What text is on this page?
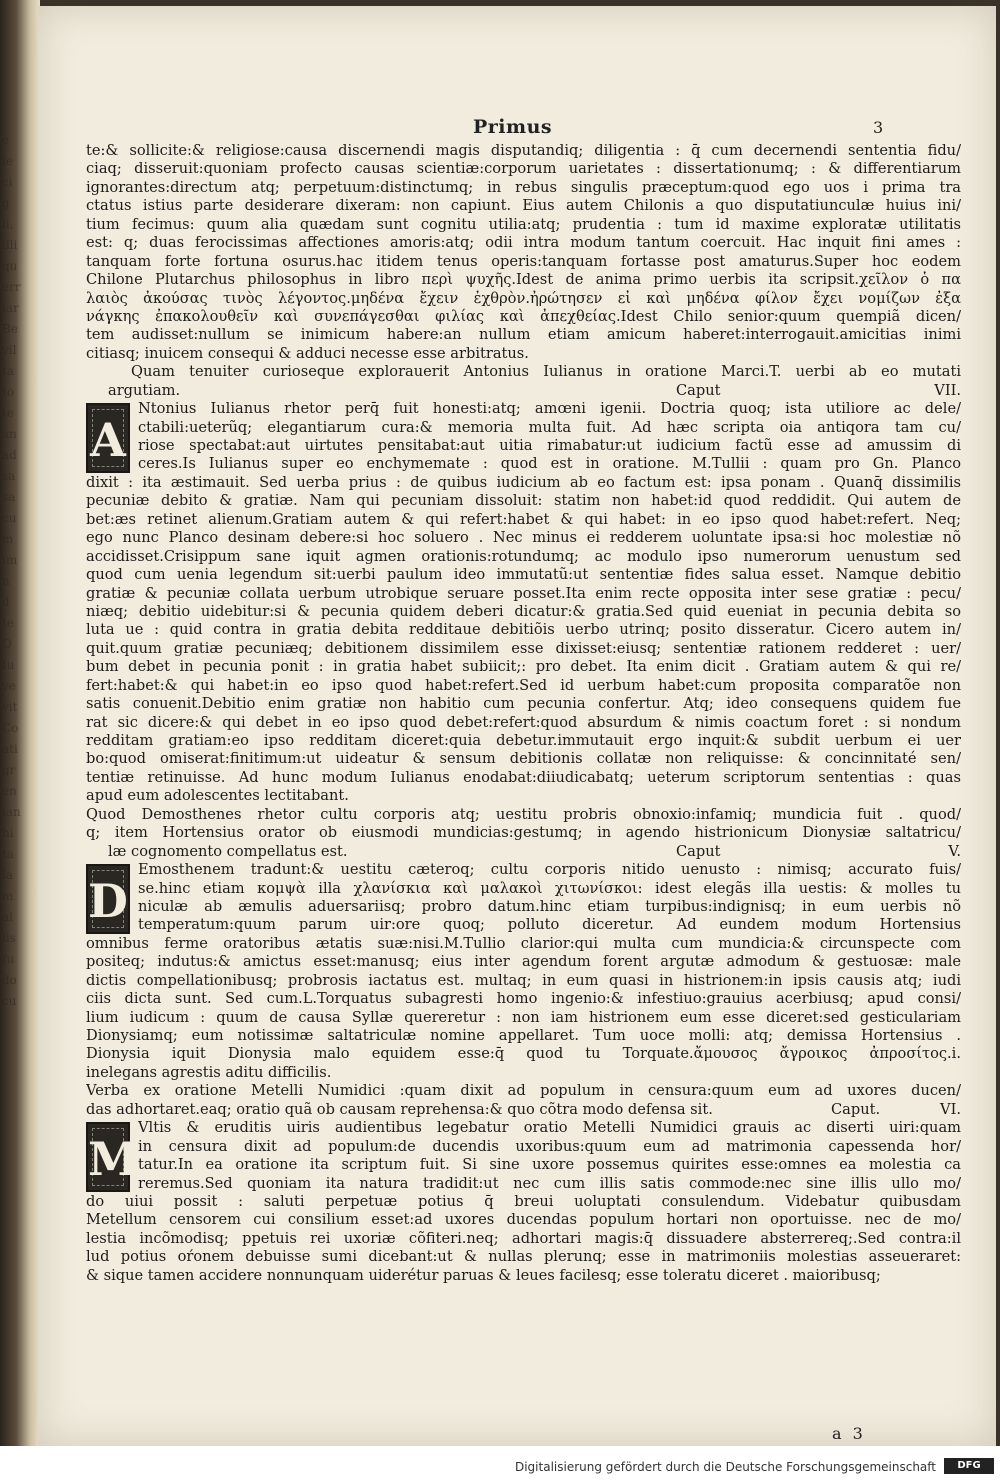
e
ie
ci
g
ii,
illi
qu
err
lar
Be
vil
ta
to
te
an
ad
sa
sa
cu
m
im
n
d
te
O
Iu
ve
vit
Co
ati
gr
en
lan
hi
ta
la
m
al
lis
fu
do
cu
Primus	3
te:& sollicite:& religiose:causa discernendi magis disputandiq; diligentia : q̄ cum decernendi sententia fidu/
ciaq; disseruit:quoniam profecto causas scientiæ:corporum uarietates : dissertationumq; : & differentiarum
ignorantes:directum atq; perpetuum:distinctumq; in rebus singulis præceptum:quod ego uos i prima tra
ctatus istius parte desiderare dixeram: non capiunt. Eius autem Chilonis a quo disputatiunculæ huius ini/
tium fecimus: quum alia quædam sunt cognitu utilia:atq; prudentia : tum id maxime exploratæ utilitatis
est: q; duas ferocissimas affectiones amoris:atq; odii intra modum tantum coercuit. Hac inquit fini ames :
tanquam forte fortuna osurus.hac itidem tenus operis:tanquam fortasse post amaturus.Super hoc eodem
Chilone Plutarchus philosophus in libro περὶ ψυχῆς.Idest de anima primo uerbis ita scripsit.χεῖλον ὁ πα
λαιὸς ἀκούσας τινὸς λέγοντος.μηδένα ἔχειν ἐχθρὸν.ἠρώτησεν εἰ καὶ μηδένα φίλον ἔχει νομίζων ἐξα
νάγκης ἐπακολουθεῖν καὶ συνεπάγεσθαι φιλίας καὶ ἀπεχθείας.Idest Chilo senior:quum quempiã dicen/
tem audisset:nullum se inimicum habere:an nullum etiam amicum haberet:interrogauit.amicitias inimi
citiasq; inuicem consequi & adduci necesse esse arbitratus.
Quam tenuiter curioseque explorauerit Antonius Iulianus in oratione Marci.T. uerbi ab eo mutati
argutiam.	Caput	VII.
A
Ntonius Iulianus rhetor perq̄ fuit honesti:atq; amœni igenii. Doctria quoq; ista utiliore ac dele/
ctabili:ueterũq; elegantiarum cura:& memoria multa fuit. Ad hæc scripta oia antiqora tam cu/
riose spectabat:aut uirtutes pensitabat:aut uitia rimabatur:ut iudicium factũ esse ad amussim di
ceres.Is Iulianus super eo enchymemate : quod est in oratione. M.Tullii : quam pro Gn. Planco
dixit : ita æstimauit. Sed uerba prius : de quibus iudicium ab eo factum est: ipsa ponam . Quanq̄ dissimilis
pecuniæ debito & gratiæ. Nam qui pecuniam dissoluit: statim non habet:id quod reddidit. Qui autem de
bet:æs retinet alienum.Gratiam autem & qui refert:habet & qui habet: in eo ipso quod habet:refert. Neq;
ego nunc Planco desinam debere:si hoc soluero . Nec minus ei redderem uoluntate ipsa:si hoc molestiæ nõ
accidisset.Crisippum sane iquit agmen orationis:rotundumq; ac modulo ipso numerorum uenustum sed
quod cum uenia legendum sit:uerbi paulum ideo immutatũ:ut sententiæ fides salua esset. Namque debitio
gratiæ & pecuniæ collata uerbum utrobique seruare posset.Ita enim recte opposita inter sese gratiæ : pecu/
niæq; debitio uidebitur:si & pecunia quidem deberi dicatur:& gratia.Sed quid eueniat in pecunia debita so
luta ue : quid contra in gratia debita redditaue debitiõis uerbo utrinq; posito disseratur. Cicero autem in/
quit.quum gratiæ pecuniæq; debitionem dissimilem esse dixisset:eiusq; sententiæ rationem redderet : uer/
bum debet in pecunia ponit : in gratia habet subiicit;: pro debet. Ita enim dicit . Gratiam autem & qui re/
fert:habet:& qui habet:in eo ipso quod habet:refert.Sed id uerbum habet:cum proposita comparatõe non
satis conuenit.Debitio enim gratiæ non habitio cum pecunia confertur. Atq; ideo consequens quidem fue
rat sic dicere:& qui debet in eo ipso quod debet:refert:quod absurdum & nimis coactum foret : si nondum
redditam gratiam:eo ipso redditam diceret:quia debetur.immutauit ergo inquit:& subdit uerbum ei uer
bo:quod omiserat:finitimum:ut uideatur & sensum debitionis collatæ non reliquisse: & concinnitaté sen/
tentiæ retinuisse. Ad hunc modum Iulianus enodabat:diiudicabatq; ueterum scriptorum sententias : quas
apud eum adolescentes lectitabant.
Quod Demosthenes rhetor cultu corporis atq; uestitu probris obnoxio:infamiq; mundicia fuit . quod/
q; item Hortensius orator ob eiusmodi mundicias:gestumq; in agendo histrionicum Dionysiæ saltatricu/
læ cognomento compellatus est.	Caput	V.
D
Emosthenem tradunt:& uestitu cæteroq; cultu corporis nitido uenusto : nimisq; accurato fuis/
se.hinc etiam κομψὰ illa χλανίσκια καὶ μαλακοὶ χιτωνίσκοι: idest elegãs illa uestis: & molles tu
niculæ ab æmulis aduersariisq; probro datum.hinc etiam turpibus:indignisq; in eum uerbis nõ
temperatum:quum parum uir:ore quoq; polluto diceretur. Ad eundem modum Hortensius
omnibus ferme oratoribus ætatis suæ:nisi.M.Tullio clarior:qui multa cum mundicia:& circunspecte com
positeq; indutus:& amictus esset:manusq; eius inter agendum forent argutæ admodum & gestuosæ: male
dictis compellationibusq; probrosis iactatus est. multaq; in eum quasi in histrionem:in ipsis causis atq; iudi
ciis dicta sunt. Sed cum.L.Torquatus subagresti homo ingenio:& infestiuo:grauius acerbiusq; apud consi/
lium iudicum : quum de causa Syllæ quereretur : non iam histrionem eum esse diceret:sed gesticulariam
Dionysiamq; eum notissimæ saltatriculæ nomine appellaret. Tum uoce molli: atq; demissa Hortensius .
Dionysia iquit Dionysia malo equidem esse:q̄ quod tu Torquate.ἄμουσος ἄγροικος ἀπροσίτος.i.
inelegans agrestis aditu difficilis.
Verba ex oratione Metelli Numidici :quam dixit ad populum in censura:quum eum ad uxores ducen/
das adhortaret.eaq; oratio quã ob causam reprehensa:& quo cõtra modo defensa sit.	Caput.	VI.
M
Vltis & eruditis uiris audientibus legebatur oratio Metelli Numidici grauis ac diserti uiri:quam
in censura dixit ad populum:de ducendis uxoribus:quum eum ad matrimonia capessenda hor/
tatur.In ea oratione ita scriptum fuit. Si sine uxore possemus quirites esse:omnes ea molestia ca
reremus.Sed quoniam ita natura tradidit:ut nec cum illis satis commode:nec sine illis ullo mo/
do uiui possit : saluti perpetuæ potius q̄ breui uoluptati consulendum. Videbatur quibusdam
Metellum censorem cui consilium esset:ad uxores ducendas populum hortari non oportuisse. nec de mo/
lestia incõmodisq; ppetuis rei uxoriæ cõfiteri.neq; adhortari magis:q̄ dissuadere absterrereq;.Sed contra:il
lud potius oŕonem debuisse sumi dicebant:ut & nullas plerunq; esse in matrimoniis molestias asseueraret:
& sique tamen accidere nonnunquam uiderétur paruas & leues facilesq; esse toleratu diceret . maioribusq;
a 3
Digitalisierung gefördert durch die Deutsche Forschungsgemeinschaft	DFG
